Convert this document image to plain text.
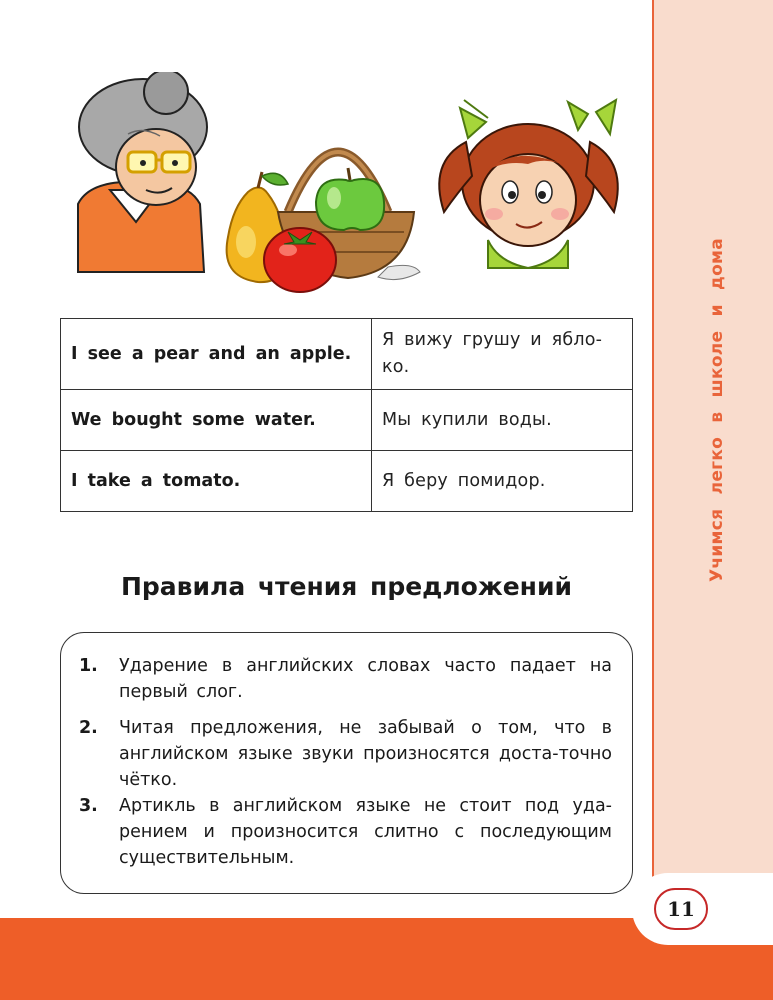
Учимся легко в школе и дома
11
I see a pear and an apple.	Я вижу грушу и ябло-
ко.
We bought some water.	Мы купили воды.
I take a tomato.	Я беру помидор.
Правила чтения предложений
1.	Ударение в английских словах часто падает на первый слог.
2.	Читая предложения, не забывай о том, что в английском языке звуки произносятся доста-точно чётко.
3.	Артикль в английском языке не стоит под уда-рением и произносится слитно с последующим существительным.
